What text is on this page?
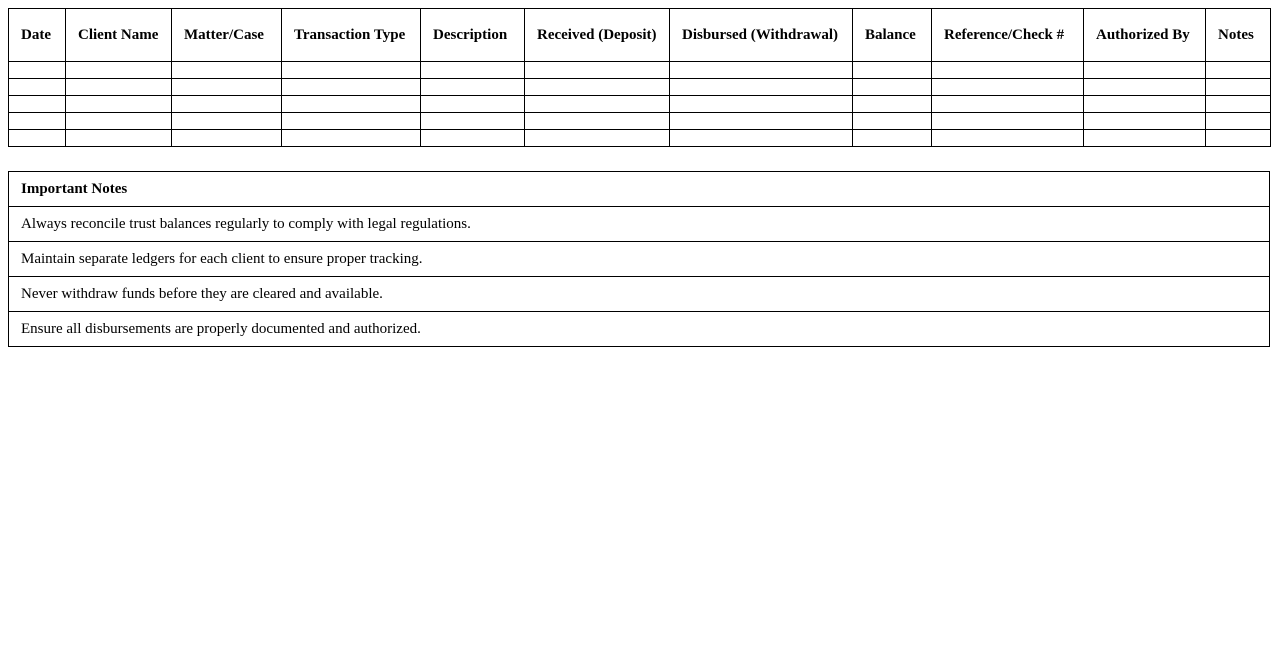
Date	Client Name	Matter/Case	Transaction Type	Description	Received (Deposit)	Disbursed (Withdrawal)	Balance	Reference/Check #	Authorized By	Notes

Important Notes
Always reconcile trust balances regularly to comply with legal regulations.
Maintain separate ledgers for each client to ensure proper tracking.
Never withdraw funds before they are cleared and available.
Ensure all disbursements are properly documented and authorized.
